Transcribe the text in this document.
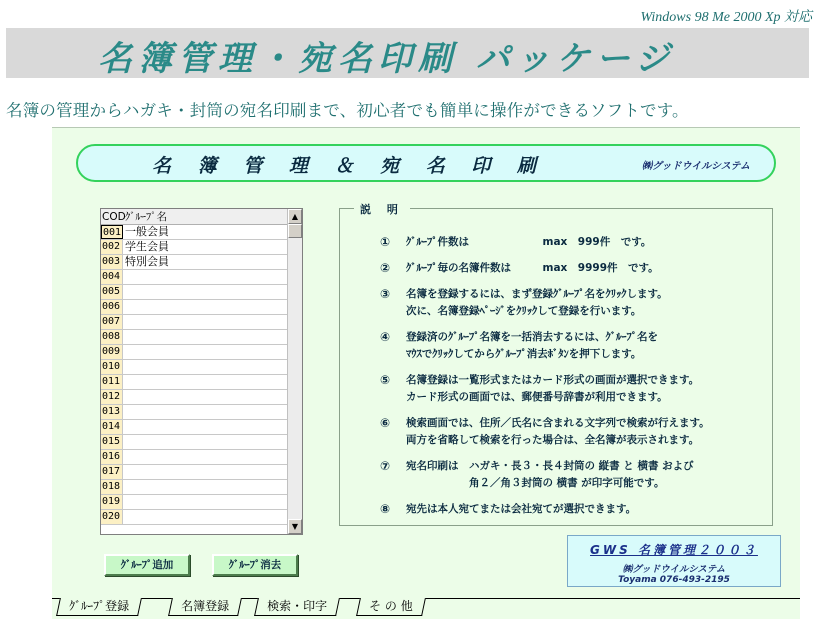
Windows 98 Me 2000 Xp 対応
名簿管理・宛名印刷 パッケージ
名簿の管理からハガキ・封筒の宛名印刷まで、初心者でも簡単に操作ができるソフトです。
名 簿 管 理 ＆ 宛 名 印 刷	㈱グッドウイルシステム
COD ｸﾞﾙｰﾌﾟ名
001 一般会員
002 学生会員
003 特別会員
004
005
006
007
008
009
010
011
012
013
014
015
016
017
018
019
020
▲
▼
説 明
① ｸﾞﾙｰﾌﾟ件数は　　　　　　　max　999件　です。
② ｸﾞﾙｰﾌﾟ毎の名簿件数は　　　max　9999件　です。
③ 名簿を登録するには、まず登録ｸﾞﾙｰﾌﾟ名をｸﾘｯｸします。
次に、名簿登録ﾍﾟｰｼﾞをｸﾘｯｸして登録を行います。
④ 登録済のｸﾞﾙｰﾌﾟ名簿を一括消去するには、ｸﾞﾙｰﾌﾟ名を
ﾏｳｽでｸﾘｯｸしてからｸﾞﾙｰﾌﾟ消去ﾎﾞﾀﾝを押下します。
⑤ 名簿登録は一覧形式またはカード形式の画面が選択できます。
カード形式の画面では、郵便番号辞書が利用できます。
⑥ 検索画面では、住所／氏名に含まれる文字列で検索が行えます。
両方を省略して検索を行った場合は、全名簿が表示されます。
⑦ 宛名印刷は　ハガキ・長３・長４封筒の 縦書 と 横書 および
　　　　　　角２／角３封筒の 横書 が印字可能です。
⑧ 宛先は本人宛てまたは会社宛てが選択できます。
ｸﾞﾙｰﾌﾟ追加	ｸﾞﾙｰﾌﾟ消去
GWS 名簿管理２００３
㈱グッドウイルシステム
Toyama 076-493-2195
ｸﾞﾙｰﾌﾟ登録	名簿登録	検索・印字	そ の 他
